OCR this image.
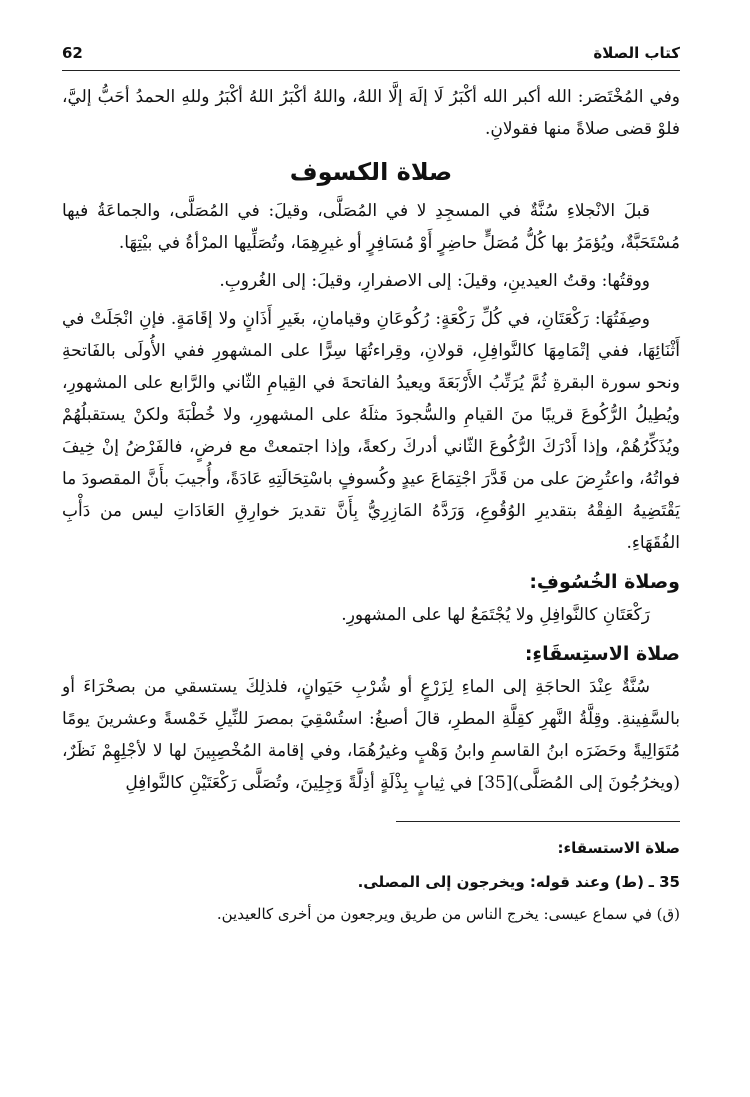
كتاب الصلاة
62

وفي المُخْتَصَر: الله أكبر الله أكْبَرُ لَا إلَهَ إلَّا اللهُ، واللهُ أكْبَرُ اللهُ أكْبَرُ وللهِ الحمدُ أحَبُّ إليَّ، فلوْ قضى صلاةً منها فقولانِ.

صلاة الكسوف

قبلَ الانْجلاءِ سُنَّةٌ في المسجِدِ لا في المُصَلَّى، وقيلَ: في المُصَلَّى، والجماعَةُ فيها مُسْتَحَبَّةٌ، ويُؤمَرُ بها كُلُّ مُصَلٍّ حاضِرٍ أَوْ مُسَافِرٍ أو غيرِهِمَا، وتُصَلِّيها المرْأةُ في بيْتِهَا.

ووقتُها: وقتُ العيدينِ، وقيلَ: إلى الاصفرارِ، وقيلَ: إلى الغُروبِ.

وصِفَتُهَا: رَكْعَتَانِ، في كُلِّ رَكْعَةٍ: رُكُوعَانِ وقيامانِ، بغَيرِ أَذَانٍ ولا إقَامَةٍ. فإنِ انْجَلَتْ في أَثْنَائِهَا، ففي إتْمَامِهَا كالنَّوافِلِ، قولانِ، وقِراءتُهَا سِرًّا على المشهورِ ففي الأُولَى بالفَاتحةِ ونحو سورة البقرةِ ثُمَّ يُرَتِّبُ الأَرْبَعَةَ ويعيدُ الفاتحةَ في القِيامِ الثّاني والرَّابع على المشهورِ، ويُطِيلُ الرُّكُوعَ قريبًا منَ القيامِ والسُّجودَ مثلَهُ على المشهورِ، ولا خُطْبَةَ ولكنْ يستقبلُهُمْ ويُذَكِّرُهُمْ، وإذا أَدْرَكَ الرُّكُوعَ الثّاني أدركَ ركعةً، وإذا اجتمعتْ مع فرضٍ، فالفَرْضُ إنْ خِيفَ فواتُهُ، واعتُرِضَ على من قَدَّرَ اجْتِمَاعَ عيدٍ وكُسوفٍ باسْتِحَالَتِهِ عَادَةً، وأُجيبَ بأَنَّ المقصودَ ما يَقْتَضِيهُ الفِقْهُ بتقديرِ الوُقُوعِ، وَرَدَّهُ المَازِرِيُّ بِأَنَّ تقديرَ خوارِقِ العَادَاتِ ليس من دَأْبِ الفُقَهَاءِ.

وصلاة الخُسُوفِ:

رَكْعَتَانِ كالنَّوافِلِ ولا يُجْتَمَعُ لها على المشهورِ.

صلاة الاستِسقَاءِ:

سُنَّةٌ عِنْدَ الحاجَةِ إلى الماءِ لِزَرْعٍ أو شُرْبِ حَيَوانٍ، فلذلِكَ يستسقي من بصحْرَاءَ أو بالسَّفِينةِ. وقِلَّةُ النَّهرِ كقِلَّةِ المطرِ، قالَ أصبغُ: استُسْقِيَ بمصرَ للنِّيلِ خَمْسةً وعشرينَ يومًا مُتَوَالِيةً وحَضَرَه ابنُ القاسمِ وابنُ وَهْبٍ وغيرُهُمَا، وفي إقامة المُخْصِبِينَ لها لا لأجْلِهِمْ نَظَرٌ، (ويخرُجُونَ إلى المُصَلَّى)[35] في ثِيابٍ بِذْلَةٍ أذِلَّةً وَجِلِينَ، وتُصَلَّى رَكْعَتَيْنِ كالنَّوافِلِ

صلاة الاستسقاء:

35 ـ (ط) وعند قوله: ويخرجون إلى المصلى.

(ق) في سماع عيسى: يخرج الناس من طريق ويرجعون من أخرى كالعيدين.
